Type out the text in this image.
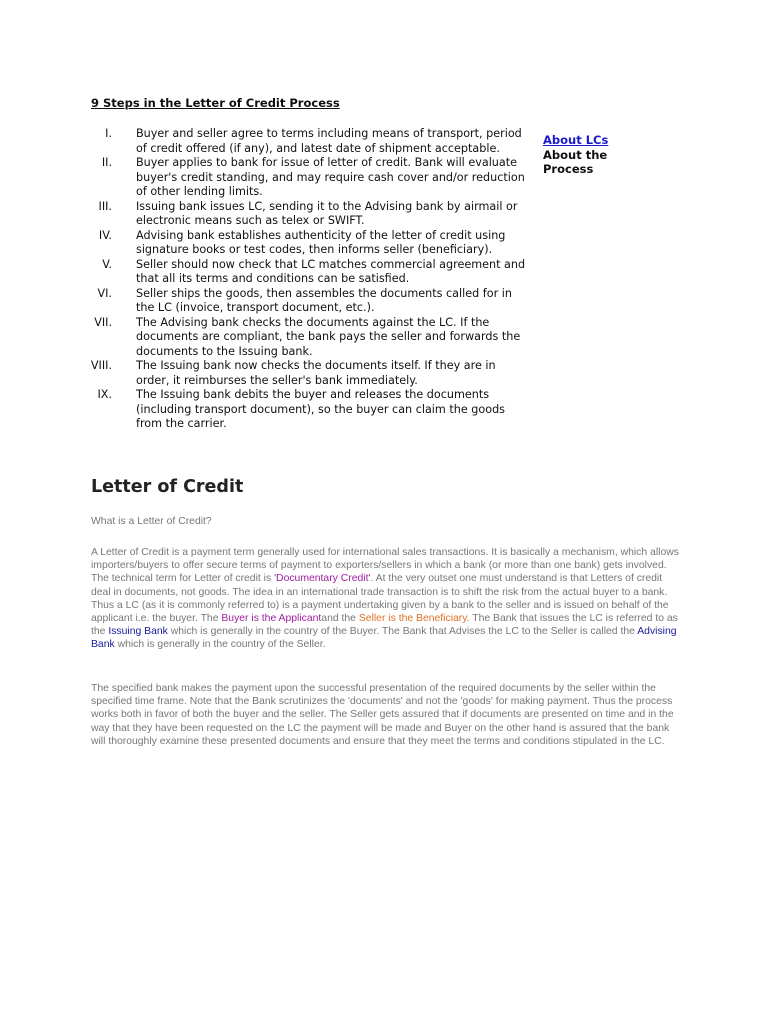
9 Steps in the Letter of Credit Process
I. Buyer and seller agree to terms including means of transport, period of credit offered (if any), and latest date of shipment acceptable.
II. Buyer applies to bank for issue of letter of credit. Bank will evaluate buyer's credit standing, and may require cash cover and/or reduction of other lending limits.
III. Issuing bank issues LC, sending it to the Advising bank by airmail or electronic means such as telex or SWIFT.
IV. Advising bank establishes authenticity of the letter of credit using signature books or test codes, then informs seller (beneficiary).
V. Seller should now check that LC matches commercial agreement and that all its terms and conditions can be satisfied.
VI. Seller ships the goods, then assembles the documents called for in the LC (invoice, transport document, etc.).
VII. The Advising bank checks the documents against the LC. If the documents are compliant, the bank pays the seller and forwards the documents to the Issuing bank.
VIII. The Issuing bank now checks the documents itself. If they are in order, it reimburses the seller's bank immediately.
IX. The Issuing bank debits the buyer and releases the documents (including transport document), so the buyer can claim the goods from the carrier.
About LCs
About the Process
Letter of Credit
What is a Letter of Credit?

A Letter of Credit is a payment term generally used for international sales transactions. It is basically a mechanism, which allows importers/buyers to offer secure terms of payment to exporters/sellers in which a bank (or more than one bank) gets involved. The technical term for Letter of credit is 'Documentary Credit'. At the very outset one must understand is that Letters of credit deal in documents, not goods. The idea in an international trade transaction is to shift the risk from the actual buyer to a bank. Thus a LC (as it is commonly referred to) is a payment undertaking given by a bank to the seller and is issued on behalf of the applicant i.e. the buyer. The Buyer is the Applicantand the Seller is the Beneficiary. The Bank that issues the LC is referred to as the Issuing Bank which is generally in the country of the Buyer. The Bank that Advises the LC to the Seller is called the Advising Bank which is generally in the country of the Seller.

The specified bank makes the payment upon the successful presentation of the required documents by the seller within the specified time frame. Note that the Bank scrutinizes the 'documents' and not the 'goods' for making payment. Thus the process works both in favor of both the buyer and the seller. The Seller gets assured that if documents are presented on time and in the way that they have been requested on the LC the payment will be made and Buyer on the other hand is assured that the bank will thoroughly examine these presented documents and ensure that they meet the terms and conditions stipulated in the LC.
